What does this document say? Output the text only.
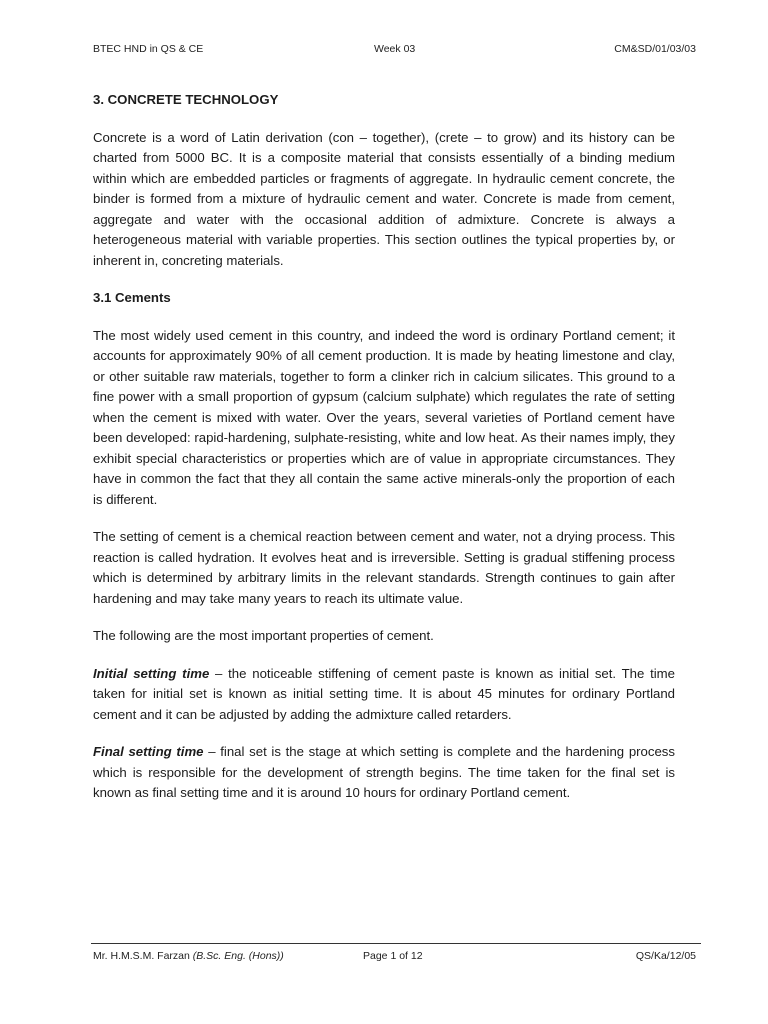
BTEC HND in QS & CE	Week 03	CM&SD/01/03/03
3. CONCRETE TECHNOLOGY

Concrete is a word of Latin derivation (con – together), (crete – to grow) and its history can be charted from 5000 BC. It is a composite material that consists essentially of a binding medium within which are embedded particles or fragments of aggregate. In hydraulic cement concrete, the binder is formed from a mixture of hydraulic cement and water. Concrete is made from cement, aggregate and water with the occasional addition of admixture. Concrete is always a heterogeneous material with variable properties. This section outlines the typical properties by, or inherent in, concreting materials.

3.1 Cements

The most widely used cement in this country, and indeed the word is ordinary Portland cement; it accounts for approximately 90% of all cement production. It is made by heating limestone and clay, or other suitable raw materials, together to form a clinker rich in calcium silicates. This ground to a fine power with a small proportion of gypsum (calcium sulphate) which regulates the rate of setting when the cement is mixed with water. Over the years, several varieties of Portland cement have been developed: rapid-hardening, sulphate-resisting, white and low heat. As their names imply, they exhibit special characteristics or properties which are of value in appropriate circumstances. They have in common the fact that they all contain the same active minerals-only the proportion of each is different.

The setting of cement is a chemical reaction between cement and water, not a drying process. This reaction is called hydration. It evolves heat and is irreversible. Setting is gradual stiffening process which is determined by arbitrary limits in the relevant standards. Strength continues to gain after hardening and may take many years to reach its ultimate value.

The following are the most important properties of cement.

Initial setting time – the noticeable stiffening of cement paste is known as initial set. The time taken for initial set is known as initial setting time. It is about 45 minutes for ordinary Portland cement and it can be adjusted by adding the admixture called retarders.

Final setting time – final set is the stage at which setting is complete and the hardening process which is responsible for the development of strength begins. The time taken for the final set is known as final setting time and it is around 10 hours for ordinary Portland cement.

Mr. H.M.S.M. Farzan (B.Sc. Eng. (Hons))	Page 1 of 12	QS/Ka/12/05
